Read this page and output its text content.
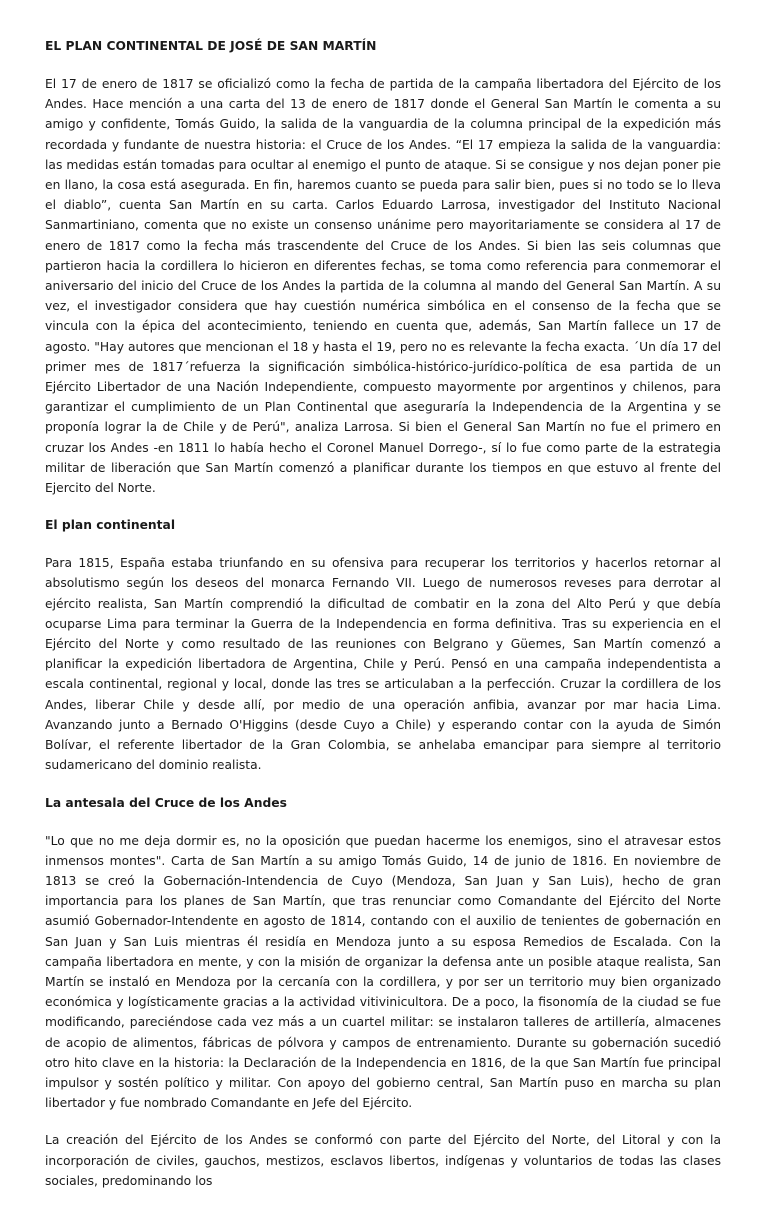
EL PLAN CONTINENTAL DE JOSÉ DE SAN MARTÍN
El 17 de enero de 1817 se oficializó como la fecha de partida de la campaña libertadora del Ejército de los Andes. Hace mención a una carta del 13 de enero de 1817 donde el General San Martín le comenta a su amigo y confidente, Tomás Guido, la salida de la vanguardia de la columna principal de la expedición más recordada y fundante de nuestra historia: el Cruce de los Andes. “El 17 empieza la salida de la vanguardia: las medidas están tomadas para ocultar al enemigo el punto de ataque. Si se consigue y nos dejan poner pie en llano, la cosa está asegurada. En fin, haremos cuanto se pueda para salir bien, pues si no todo se lo lleva el diablo”, cuenta San Martín en su carta. Carlos Eduardo Larrosa, investigador del Instituto Nacional Sanmartiniano, comenta que no existe un consenso unánime pero mayoritariamente se considera al 17 de enero de 1817 como la fecha más trascendente del Cruce de los Andes. Si bien las seis columnas que partieron hacia la cordillera lo hicieron en diferentes fechas, se toma como referencia para conmemorar el aniversario del inicio del Cruce de los Andes la partida de la columna al mando del General San Martín. A su vez, el investigador considera que hay cuestión numérica simbólica en el consenso de la fecha que se vincula con la épica del acontecimiento, teniendo en cuenta que, además, San Martín fallece un 17 de agosto. "Hay autores que mencionan el 18 y hasta el 19, pero no es relevante la fecha exacta. ´Un día 17 del primer mes de 1817´refuerza la significación simbólica-histórico-jurídico-política de esa partida de un Ejército Libertador de una Nación Independiente, compuesto mayormente por argentinos y chilenos, para garantizar el cumplimiento de un Plan Continental que aseguraría la Independencia de la Argentina y se proponía lograr la de Chile y de Perú", analiza Larrosa. Si bien el General San Martín no fue el primero en cruzar los Andes -en 1811 lo había hecho el Coronel Manuel Dorrego-, sí lo fue como parte de la estrategia militar de liberación que San Martín comenzó a planificar durante los tiempos en que estuvo al frente del Ejercito del Norte.
El plan continental
Para 1815, España estaba triunfando en su ofensiva para recuperar los territorios y hacerlos retornar al absolutismo según los deseos del monarca Fernando VII. Luego de numerosos reveses para derrotar al ejército realista, San Martín comprendió la dificultad de combatir en la zona del Alto Perú y que debía ocuparse Lima para terminar la Guerra de la Independencia en forma definitiva. Tras su experiencia en el Ejército del Norte y como resultado de las reuniones con Belgrano y Güemes, San Martín comenzó a planificar la expedición libertadora de Argentina, Chile y Perú. Pensó en una campaña independentista a escala continental, regional y local, donde las tres se articulaban a la perfección. Cruzar la cordillera de los Andes, liberar Chile y desde allí, por medio de una operación anfibia, avanzar por mar hacia Lima. Avanzando junto a Bernado O'Higgins (desde Cuyo a Chile) y esperando contar con la ayuda de Simón Bolívar, el referente libertador de la Gran Colombia, se anhelaba emancipar para siempre al territorio sudamericano del dominio realista.
La antesala del Cruce de los Andes
"Lo que no me deja dormir es, no la oposición que puedan hacerme los enemigos, sino el atravesar estos inmensos montes". Carta de San Martín a su amigo Tomás Guido, 14 de junio de 1816. En noviembre de 1813 se creó la Gobernación-Intendencia de Cuyo (Mendoza, San Juan y San Luis), hecho de gran importancia para los planes de San Martín, que tras renunciar como Comandante del Ejército del Norte asumió Gobernador-Intendente en agosto de 1814, contando con el auxilio de tenientes de gobernación en San Juan y San Luis mientras él residía en Mendoza junto a su esposa Remedios de Escalada. Con la campaña libertadora en mente, y con la misión de organizar la defensa ante un posible ataque realista, San Martín se instaló en Mendoza por la cercanía con la cordillera, y por ser un territorio muy bien organizado económica y logísticamente gracias a la actividad vitivinicultora. De a poco, la fisonomía de la ciudad se fue modificando, pareciéndose cada vez más a un cuartel militar: se instalaron talleres de artillería, almacenes de acopio de alimentos, fábricas de pólvora y campos de entrenamiento. Durante su gobernación sucedió otro hito clave en la historia: la Declaración de la Independencia en 1816, de la que San Martín fue principal impulsor y sostén político y militar. Con apoyo del gobierno central, San Martín puso en marcha su plan libertador y fue nombrado Comandante en Jefe del Ejército.
La creación del Ejército de los Andes se conformó con parte del Ejército del Norte, del Litoral y con la incorporación de civiles, gauchos, mestizos, esclavos libertos, indígenas y voluntarios de todas las clases sociales, predominando los
